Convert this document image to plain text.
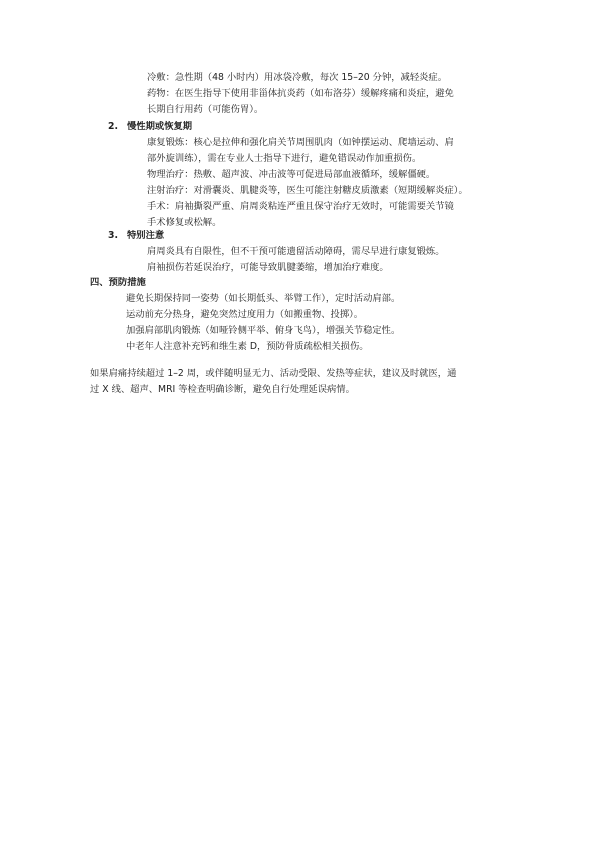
冷敷：急性期（48 小时内）用冰袋冷敷，每次 15–20 分钟，减轻炎症。
药物：在医生指导下使用非甾体抗炎药（如布洛芬）缓解疼痛和炎症，避免
长期自行用药（可能伤胃）。
2. 慢性期或恢复期
康复锻炼：核心是拉伸和强化肩关节周围肌肉（如钟摆运动、爬墙运动、肩
部外旋训练），需在专业人士指导下进行，避免错误动作加重损伤。
物理治疗：热敷、超声波、冲击波等可促进局部血液循环，缓解僵硬。
注射治疗：对滑囊炎、肌腱炎等，医生可能注射糖皮质激素（短期缓解炎症）。
手术：肩袖撕裂严重、肩周炎粘连严重且保守治疗无效时，可能需要关节镜
手术修复或松解。
3. 特别注意
肩周炎具有自限性，但不干预可能遗留活动障碍，需尽早进行康复锻炼。
肩袖损伤若延误治疗，可能导致肌腱萎缩，增加治疗难度。
四、预防措施
避免长期保持同一姿势（如长期低头、举臂工作），定时活动肩部。
运动前充分热身，避免突然过度用力（如搬重物、投掷）。
加强肩部肌肉锻炼（如哑铃侧平举、俯身飞鸟），增强关节稳定性。
中老年人注意补充钙和维生素 D，预防骨质疏松相关损伤。
如果肩痛持续超过 1–2 周，或伴随明显无力、活动受限、发热等症状，建议及时就医，通
过 X 线、超声、MRI 等检查明确诊断，避免自行处理延误病情。
